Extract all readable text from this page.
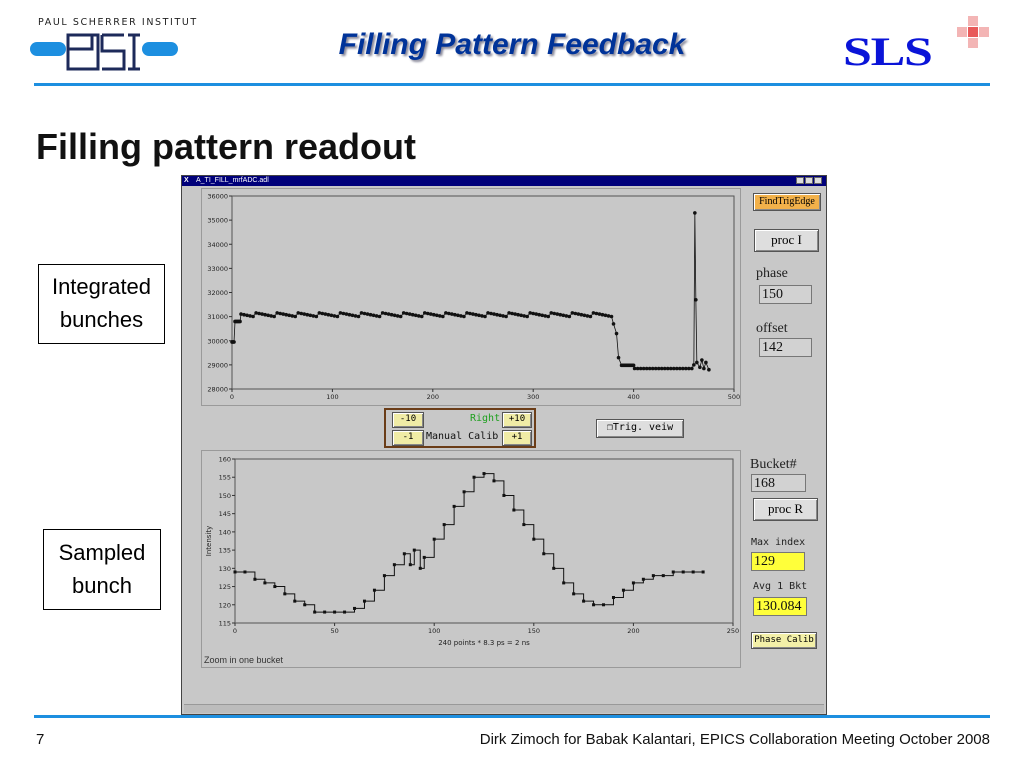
PAUL SCHERRER INSTITUT
Filling Pattern Feedback	SLS
Filling pattern readout
Integrated
bunches
Sampled
bunch
X A_TI_FILL_mrfADC.adl
28000
29000
30000
31000
32000
33000
34000
35000
36000
0	100	200	300	400	500
FindTrigEdge
proc I
phase
150
offset
142
-10	Right +10
-1	Manual Calib	+1
❐Trig. veiw
115
120
125
130
135
140
145
150
155
160
0	50	100	150	200	250
240 points * 8.3 ps = 2 ns
Intensity
Zoom in one bucket
Bucket#
168
proc R
Max index
129
Avg 1 Bkt
130.084
Phase Calib
7	Dirk Zimoch for Babak Kalantari, EPICS Collaboration Meeting October 2008
